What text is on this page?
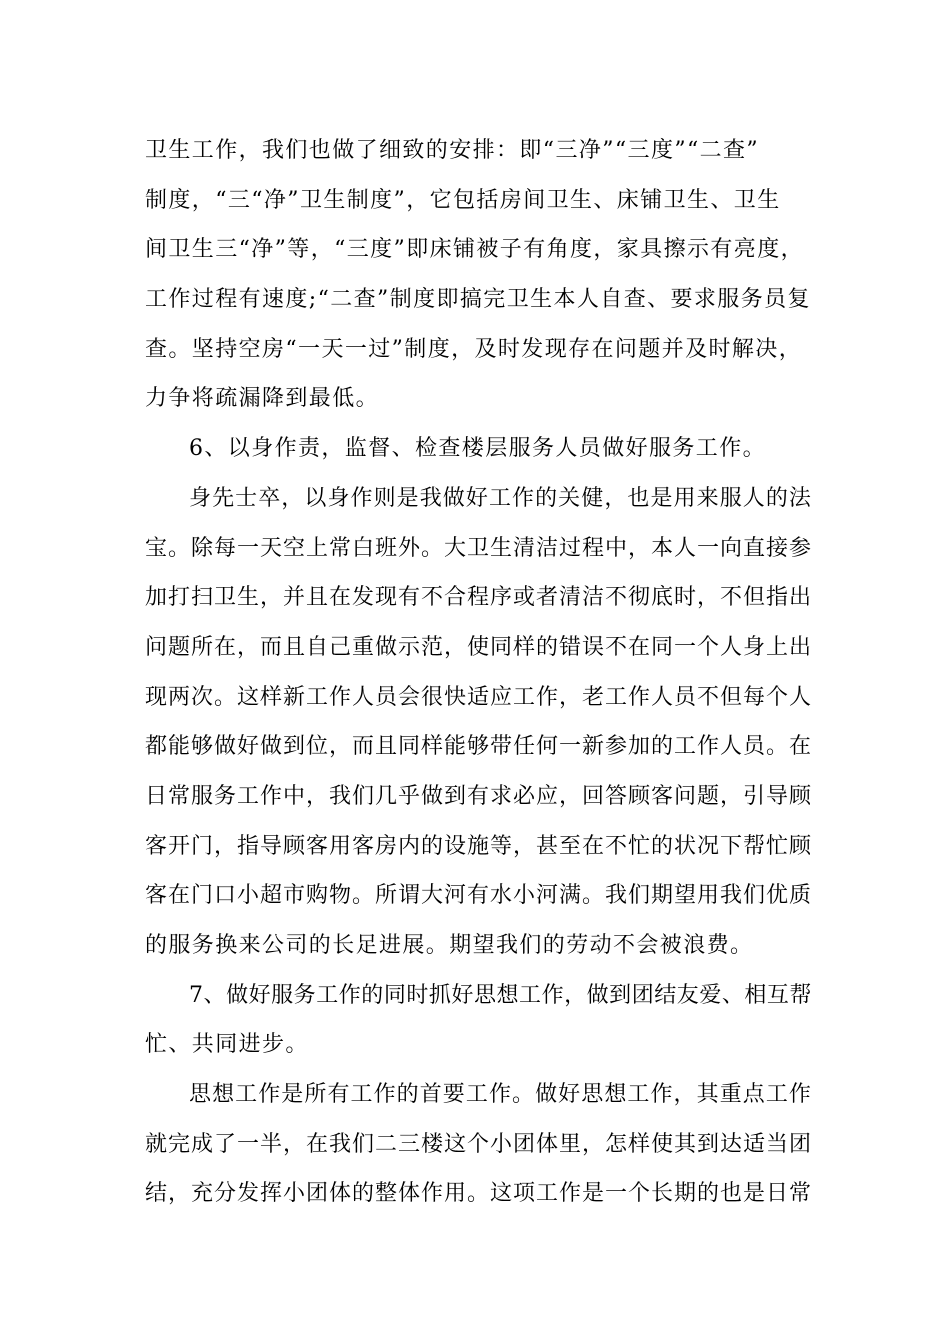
卫生工作，我们也做了细致的安排：即“三净”“三度”“二查”
制度，“三“净”卫生制度”，它包括房间卫生、床铺卫生、卫生
间卫生三“净”等，“三度”即床铺被子有角度，家具擦示有亮度，
工作过程有速度;“二查”制度即搞完卫生本人自查、要求服务员复
查。坚持空房“一天一过”制度，及时发现存在问题并及时解决，
力争将疏漏降到最低。
6、以身作责，监督、检查楼层服务人员做好服务工作。
身先士卒，以身作则是我做好工作的关健，也是用来服人的法
宝。除每一天空上常白班外。大卫生清洁过程中，本人一向直接参
加打扫卫生，并且在发现有不合程序或者清洁不彻底时，不但指出
问题所在，而且自己重做示范，使同样的错误不在同一个人身上出
现两次。这样新工作人员会很快适应工作，老工作人员不但每个人
都能够做好做到位，而且同样能够带任何一新参加的工作人员。在
日常服务工作中，我们几乎做到有求必应，回答顾客问题，引导顾
客开门，指导顾客用客房内的设施等，甚至在不忙的状况下帮忙顾
客在门口小超市购物。所谓大河有水小河满。我们期望用我们优质
的服务换来公司的长足进展。期望我们的劳动不会被浪费。
7、做好服务工作的同时抓好思想工作，做到团结友爱、相互帮
忙、共同进步。
思想工作是所有工作的首要工作。做好思想工作，其重点工作
就完成了一半，在我们二三楼这个小团体里，怎样使其到达适当团
结，充分发挥小团体的整体作用。这项工作是一个长期的也是日常
